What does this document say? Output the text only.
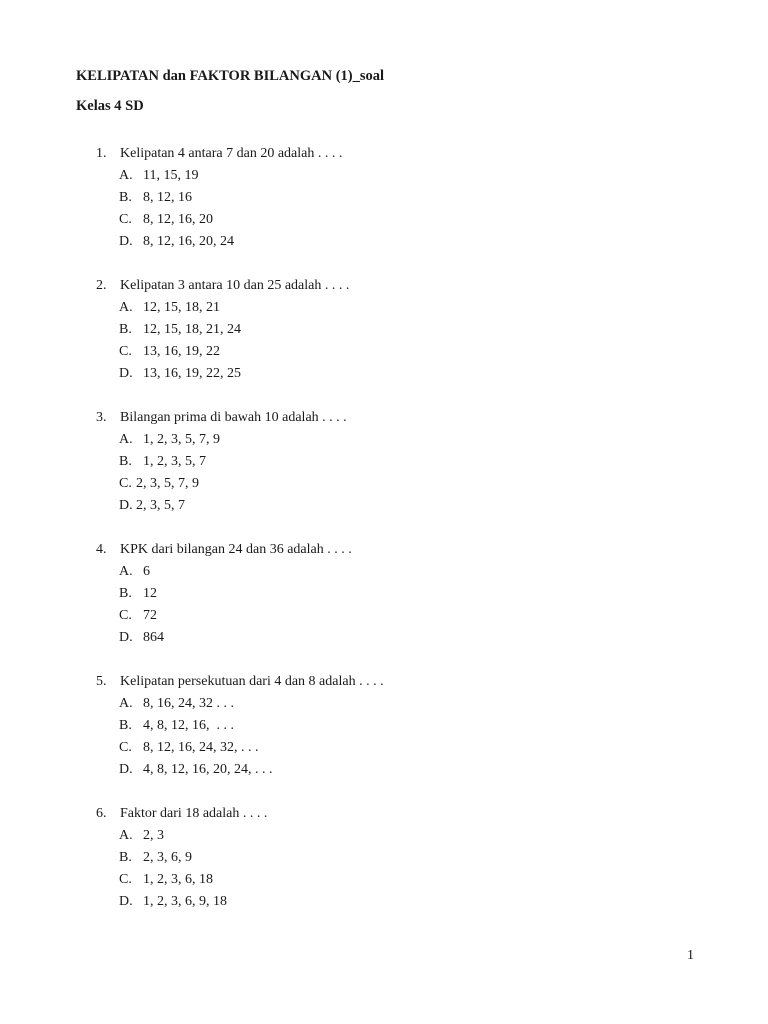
KELIPATAN dan FAKTOR BILANGAN (1)_soal
Kelas 4 SD
1. Kelipatan 4 antara 7 dan 20 adalah . . . .
A. 11, 15, 19
B. 8, 12, 16
C. 8, 12, 16, 20
D. 8, 12, 16, 20, 24
2. Kelipatan 3 antara 10 dan 25 adalah . . . .
A. 12, 15, 18, 21
B. 12, 15, 18, 21, 24
C. 13, 16, 19, 22
D. 13, 16, 19, 22, 25
3. Bilangan prima di bawah 10 adalah . . . .
A. 1, 2, 3, 5, 7, 9
B. 1, 2, 3, 5, 7
C. 2, 3, 5, 7, 9
D. 2, 3, 5, 7
4. KPK dari bilangan 24 dan 36 adalah . . . .
A. 6
B. 12
C. 72
D. 864
5. Kelipatan persekutuan dari 4 dan 8 adalah . . . .
A. 8, 16, 24, 32 . . .
B. 4, 8, 12, 16,  . . .
C. 8, 12, 16, 24, 32, . . .
D. 4, 8, 12, 16, 20, 24, . . .
6. Faktor dari 18 adalah . . . .
A. 2, 3
B. 2, 3, 6, 9
C. 1, 2, 3, 6, 18
D. 1, 2, 3, 6, 9, 18
1
